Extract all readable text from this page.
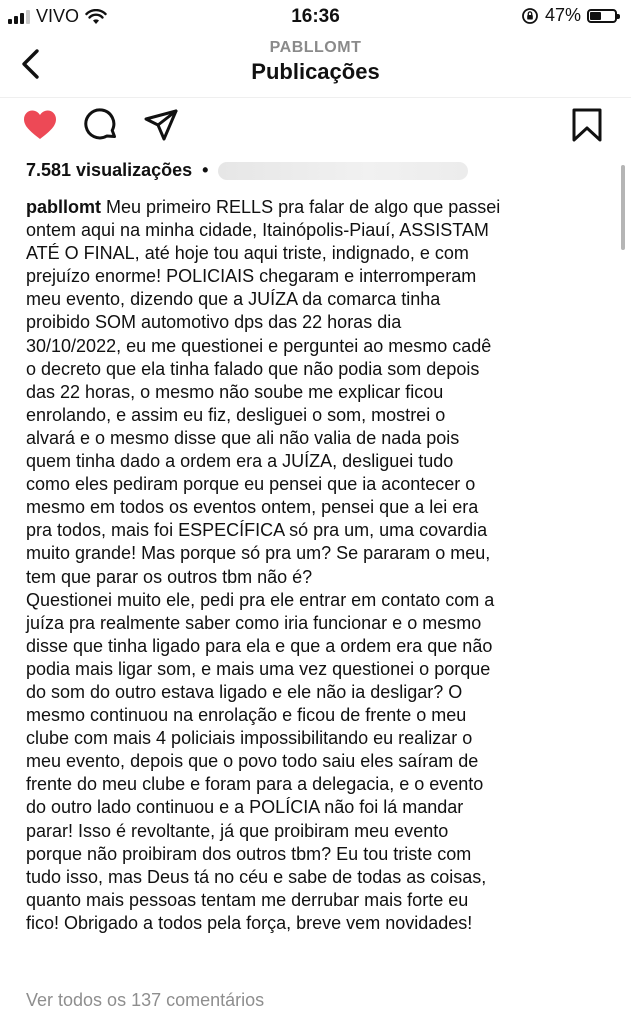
VIVO	16:36	47%
PABLLOMT
Publicações
7.581 visualizações •
pabllomt Meu primeiro RELLS pra falar de algo que passei
ontem aqui na minha cidade, Itainópolis-Piauí, ASSISTAM
ATÉ O FINAL, até hoje tou aqui triste, indignado, e com
prejuízo enorme! POLICIAIS chegaram e interromperam
meu evento, dizendo que a JUÍZA da comarca tinha
proibido SOM automotivo dps das 22 horas dia
30/10/2022, eu me questionei e perguntei ao mesmo cadê
o decreto que ela tinha falado que não podia som depois
das 22 horas, o mesmo não soube me explicar ficou
enrolando, e assim eu fiz, desliguei o som, mostrei o
alvará e o mesmo disse que ali não valia de nada pois
quem tinha dado a ordem era a JUÍZA, desliguei tudo
como eles pediram porque eu pensei que ia acontecer o
mesmo em todos os eventos ontem, pensei que a lei era
pra todos, mais foi ESPECÍFICA só pra um, uma covardia
muito grande! Mas porque só pra um? Se pararam o meu,
tem que parar os outros tbm não é?
Questionei muito ele, pedi pra ele entrar em contato com a
juíza pra realmente saber como iria funcionar e o mesmo
disse que tinha ligado para ela e que a ordem era que não
podia mais ligar som, e mais uma vez questionei o porque
do som do outro estava ligado e ele não ia desligar? O
mesmo continuou na enrolação e ficou de frente o meu
clube com mais 4 policiais impossibilitando eu realizar o
meu evento, depois que o povo todo saiu eles saíram de
frente do meu clube e foram para a delegacia, e o evento
do outro lado continuou e a POLÍCIA não foi lá mandar
parar! Isso é revoltante, já que proibiram meu evento
porque não proibiram dos outros tbm? Eu tou triste com
tudo isso, mas Deus tá no céu e sabe de todas as coisas,
quanto mais pessoas tentam me derrubar mais forte eu
fico! Obrigado a todos pela força, breve vem novidades!
Ver todos os 137 comentários
